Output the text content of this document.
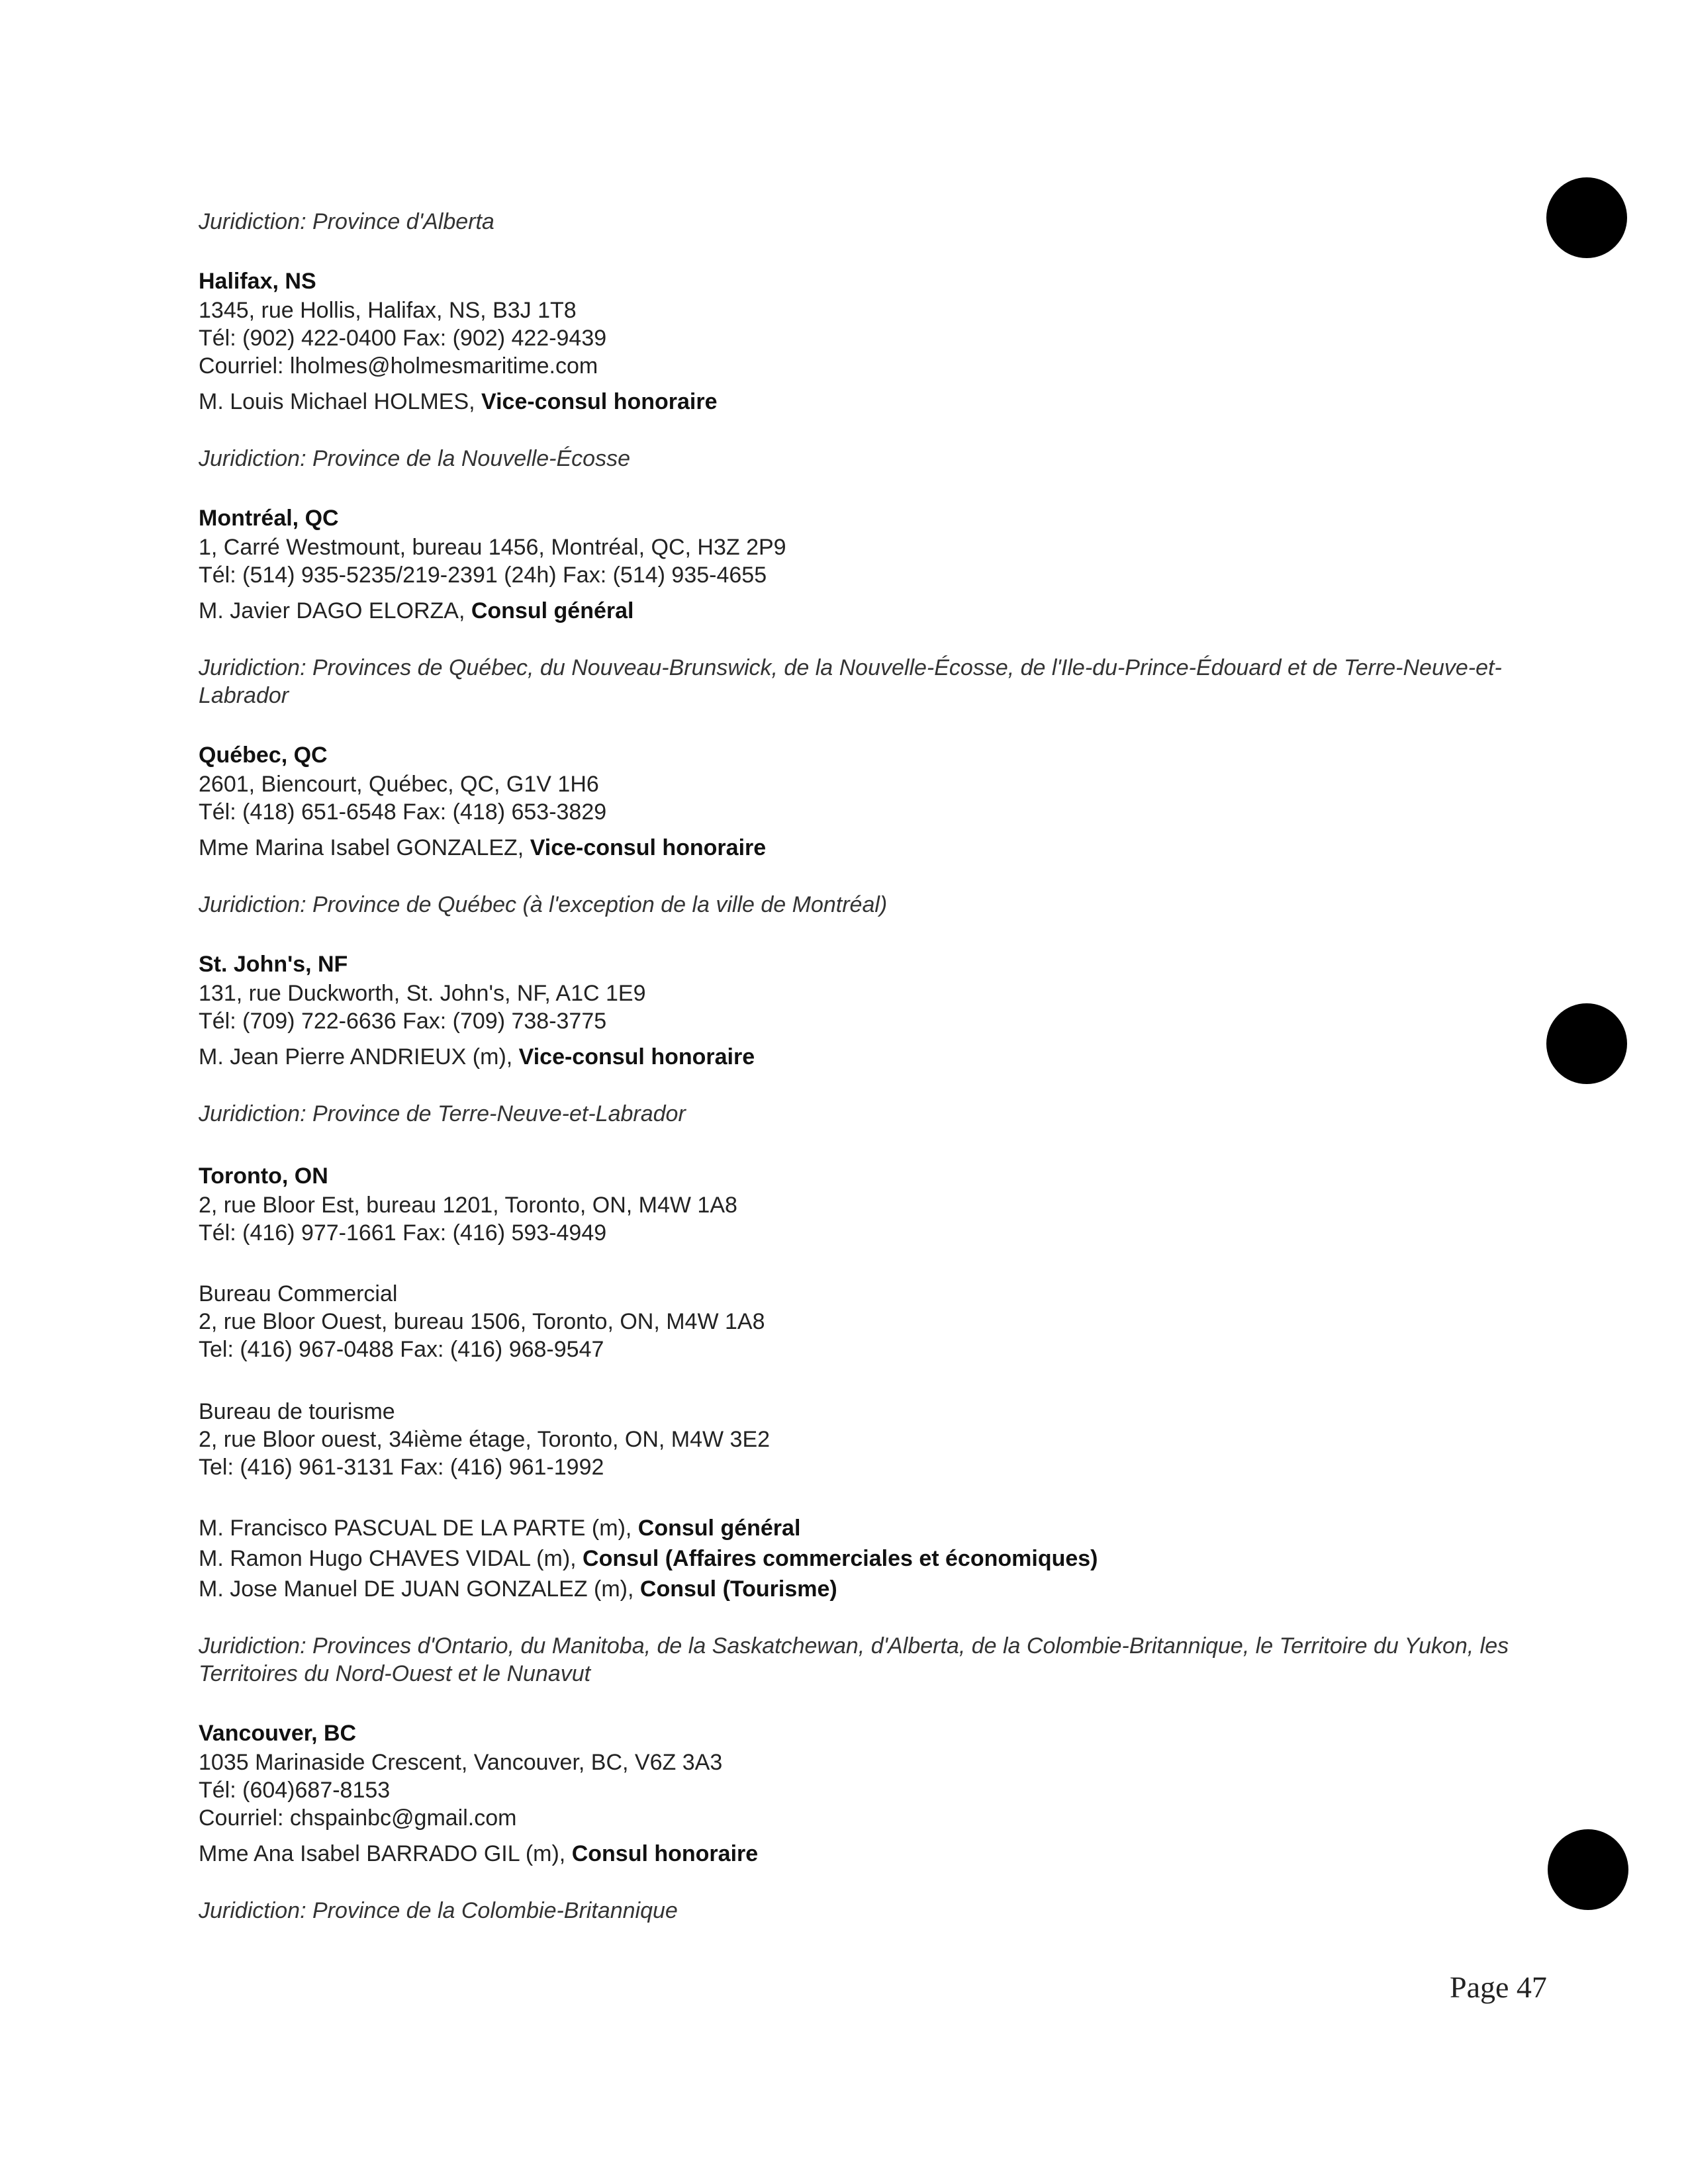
Juridiction: Province d'Alberta
Halifax, NS
1345, rue Hollis, Halifax, NS, B3J 1T8
Tél: (902) 422-0400 Fax: (902) 422-9439
Courriel: lholmes@holmesmaritime.com
M. Louis Michael HOLMES, Vice-consul honoraire
Juridiction: Province de la Nouvelle-Écosse
Montréal, QC
1, Carré Westmount, bureau 1456, Montréal, QC, H3Z 2P9
Tél: (514) 935-5235/219-2391 (24h) Fax: (514) 935-4655
M. Javier DAGO ELORZA, Consul général
Juridiction: Provinces de Québec, du Nouveau-Brunswick, de la Nouvelle-Écosse, de l'Ile-du-Prince-Édouard et de Terre-Neuve-et-Labrador
Québec, QC
2601, Biencourt, Québec, QC, G1V 1H6
Tél: (418) 651-6548 Fax: (418) 653-3829
Mme Marina Isabel GONZALEZ, Vice-consul honoraire
Juridiction: Province de Québec (à l'exception de la ville de Montréal)
St. John's, NF
131, rue Duckworth, St. John's, NF, A1C 1E9
Tél: (709) 722-6636 Fax: (709) 738-3775
M. Jean Pierre ANDRIEUX (m), Vice-consul honoraire
Juridiction: Province de Terre-Neuve-et-Labrador
Toronto, ON
2, rue Bloor Est, bureau 1201, Toronto, ON, M4W 1A8
Tél: (416) 977-1661 Fax: (416) 593-4949
Bureau Commercial
2, rue Bloor Ouest, bureau 1506, Toronto, ON, M4W 1A8
Tel: (416) 967-0488 Fax: (416) 968-9547
Bureau de tourisme
2, rue Bloor ouest, 34ième étage, Toronto, ON, M4W 3E2
Tel: (416) 961-3131 Fax: (416) 961-1992
M. Francisco PASCUAL DE LA PARTE (m), Consul général
M. Ramon Hugo CHAVES VIDAL (m), Consul (Affaires commerciales et économiques)
M. Jose Manuel DE JUAN GONZALEZ (m), Consul (Tourisme)
Juridiction: Provinces d'Ontario, du Manitoba, de la Saskatchewan, d'Alberta, de la Colombie-Britannique, le Territoire du Yukon, les Territoires du Nord-Ouest et le Nunavut
Vancouver, BC
1035 Marinaside Crescent, Vancouver, BC, V6Z 3A3
Tél: (604)687-8153
Courriel: chspainbc@gmail.com
Mme Ana Isabel BARRADO GIL (m), Consul honoraire
Juridiction: Province de la Colombie-Britannique
Page 47
